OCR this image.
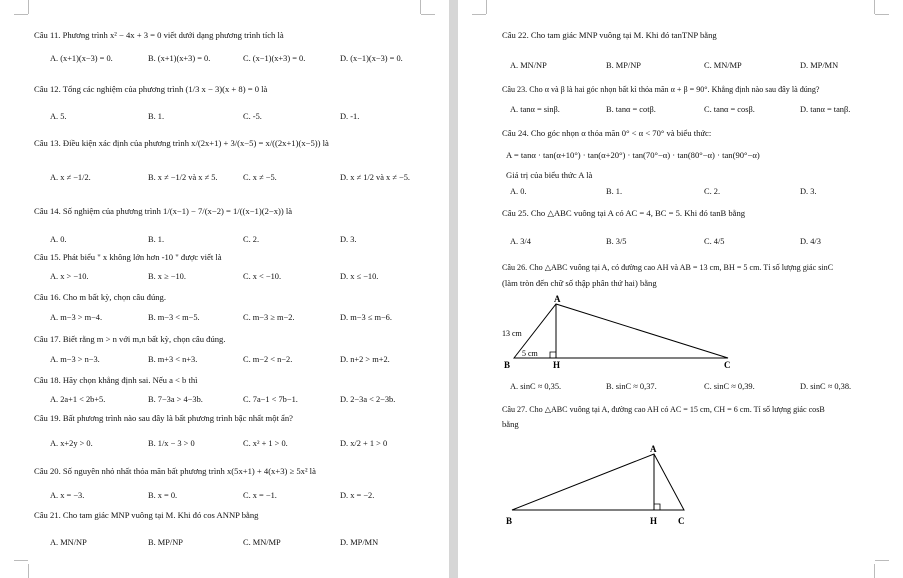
Câu 11. Phương trình x² − 4x + 3 = 0 viết dưới dạng phương trình tích là
A. (x+1)(x−3) = 0.	B. (x+1)(x+3) = 0.	C. (x−1)(x+3) = 0.	D. (x−1)(x−3) = 0.
Câu 12. Tổng các nghiệm của phương trình (1/3 x − 3)(x + 8) = 0 là
A. 5.	B. 1.	C. -5.	D. -1.
Câu 13. Điều kiện xác định của phương trình x/(2x+1) + 3/(x−5) = x/((2x+1)(x−5)) là
A. x ≠ −1/2.	B. x ≠ −1/2 và x ≠ 5.	C. x ≠ −5.	D. x ≠ 1/2 và x ≠ −5.
Câu 14. Số nghiệm của phương trình 1/(x−1) − 7/(x−2) = 1/((x−1)(2−x)) là
A. 0.	B. 1.	C. 2.	D. 3.
Câu 15. Phát biểu " x không lớn hơn -10 " được viết là
A. x > −10.	B. x ≥ −10.	C. x < −10.	D. x ≤ −10.
Câu 16. Cho m bất kỳ, chọn câu đúng.
A. m−3 > m−4.	B. m−3 < m−5.	C. m−3 ≥ m−2.	D. m−3 ≤ m−6.
Câu 17. Biết rằng m > n với m,n bất kỳ, chọn câu đúng.
A. m−3 > n−3.	B. m+3 < n+3.	C. m−2 < n−2.	D. n+2 > m+2.
Câu 18. Hãy chọn khẳng định sai. Nếu a < b thì
A. 2a+1 < 2b+5.	B. 7−3a > 4−3b.	C. 7a−1 < 7b−1.	D. 2−3a < 2−3b.
Câu 19. Bất phương trình nào sau đây là bất phương trình bậc nhất một ẩn?
A. x+2y > 0.	B. 1/x − 3 > 0	C. x² + 1 > 0.	D. x/2 + 1 > 0
Câu 20. Số nguyên nhỏ nhất thỏa mãn bất phương trình x(5x+1) + 4(x+3) ≥ 5x² là
A. x = −3.	B. x = 0.	C. x = −1.	D. x = −2.
Câu 21. Cho tam giác MNP vuông tại M. Khi đó cos ANNP bằng
A. MN/NP	B. MP/NP	C. MN/MP	D. MP/MN
Câu 22. Cho tam giác MNP vuông tại M. Khi đó tanTNP bằng
A. MN/NP	B. MP/NP	C. MN/MP	D. MP/MN
Câu 23. Cho α và β là hai góc nhọn bất kì thỏa mãn α + β = 90°. Khẳng định nào sau đây là đúng?
A. tanα = sinβ.	B. tanα = cotβ.	C. tanα = cosβ.	D. tanα = tanβ.
Câu 24. Cho góc nhọn α thỏa mãn 0° < α < 70° và biểu thức:
A = tanα · tan(α+10°) · tan(α+20°) · tan(70°−α) · tan(80°−α) · tan(90°−α)
Giá trị của biểu thức A là
A. 0.	B. 1.	C. 2.	D. 3.
Câu 25. Cho △ABC vuông tại A có AC = 4, BC = 5. Khi đó tanB bằng
A. 3/4	B. 3/5	C. 4/5	D. 4/3
Câu 26. Cho △ABC vuông tại A, có đường cao AH và AB = 13 cm, BH = 5 cm. Tỉ số lượng giác sinC
(làm tròn đến chữ số thập phân thứ hai) bằng
A
B	H	C
13 cm
5 cm
A. sinC ≈ 0,35.	B. sinC ≈ 0,37.	C. sinC ≈ 0,39.	D. sinC ≈ 0,38.
Câu 27. Cho △ABC vuông tại A, đường cao AH có AC = 15 cm, CH = 6 cm. Tỉ số lượng giác cosB
bằng
A
B	H C
